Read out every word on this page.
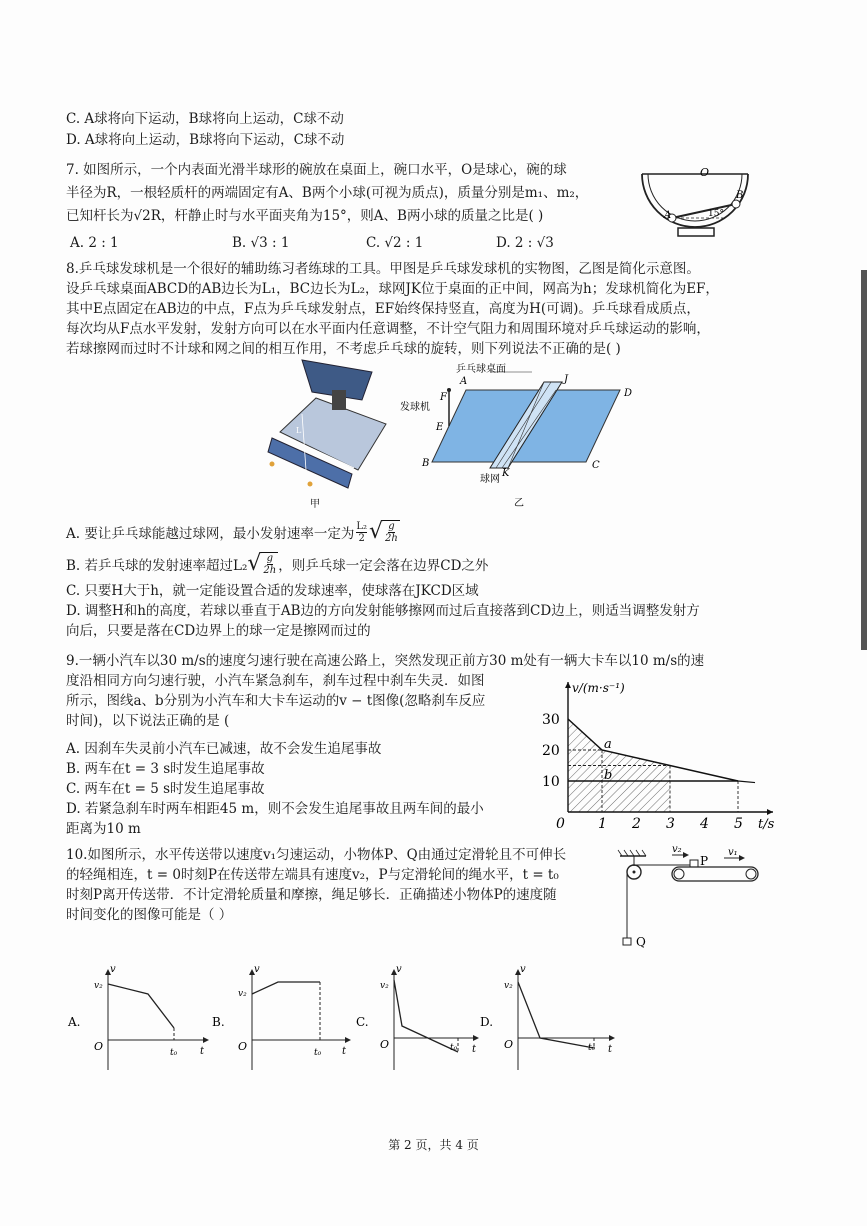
C. A球将向下运动，B球将向上运动，C球不动
D. A球将向上运动，B球将向下运动，C球不动
7. 如图所示，一个内表面光滑半球形的碗放在桌面上，碗口水平，O是球心，碗的球
半径为R，一根轻质杆的两端固定有A、B两个小球(可视为质点)，质量分别是m₁、m₂，
已知杆长为√2R，杆静止时与水平面夹角为15°，则A、B两小球的质量之比是( )
A. 2 : 1	B. √3 : 1	C. √2 : 1	D. 2 : √3
O
A
B
15°
8.乒乓球发球机是一个很好的辅助练习者练球的工具。甲图是乒乓球发球机的实物图，乙图是简化示意图。
设乒乓球桌面ABCD的AB边长为L₁，BC边长为L₂，球网JK位于桌面的正中间，网高为h；发球机简化为EF，
其中E点固定在AB边的中点，F点为乒乓球发射点，EF始终保持竖直，高度为H(可调)。乒乓球看成质点，
每次均从F点水平发射，发射方向可以在水平面内任意调整，不计空气阻力和周围环境对乒乓球运动的影响，
若球擦网而过时不计球和网之间的相互作用，不考虑乒乓球的旋转，则下列说法不正确的是( )
L
甲
乒乓球桌面
发球机
球网
A
B	C
D
E
F
J
K
乙
A. 要让乒乓球能越过球网，最小发射速率一定为 $\frac{\text{L₂}}{2}$ √ $\frac{g}{2h}$
B. 若乒乓球的发射速率超过L₂ √ $\frac{g}{2h}$ ，则乒乓球一定会落在边界CD之外
C. 只要H大于h，就一定能设置合适的发球速率，使球落在JKCD区域
D. 调整H和h的高度，若球以垂直于AB边的方向发射能够擦网而过后直接落到CD边上，则适当调整发射方
向后，只要是落在CD边界上的球一定是擦网而过的
9.一辆小汽车以30 m/s的速度匀速行驶在高速公路上，突然发现正前方30 m处有一辆大卡车以10 m/s的速
度沿相同方向匀速行驶，小汽车紧急刹车，刹车过程中刹车失灵．如图
所示，图线a、b分别为小汽车和大卡车运动的v − t图像(忽略刹车反应
时间)，以下说法正确的是 (
A. 因刹车失灵前小汽车已减速，故不会发生追尾事故
B. 两车在t = 3 s时发生追尾事故
C. 两车在t = 5 s时发生追尾事故
D. 若紧急刹车时两车相距45 m，则不会发生追尾事故且两车间的最小
距离为10 m	0 1 2 3 4 5
10
20
30
t/s
v/(m·s⁻¹)
a
b
10.如图所示，水平传送带以速度v₁匀速运动，小物体P、Q由通过定滑轮且不可伸长
的轻绳相连，t = 0时刻P在传送带左端具有速度v₂，P与定滑轮间的绳水平，t = t₀
时刻P离开传送带．不计定滑轮质量和摩擦，绳足够长．正确描述小物体P的速度随
时间变化的图像可能是（ ）
v₂	v₁
P
Q
A.
v
v₂
O	t₀ t
B.
v
v₂
O	t₀ t
C.
v
v₂
O	t₀ t
D.
v
v₂
O	t₀ t
第 2 页，共 4 页
